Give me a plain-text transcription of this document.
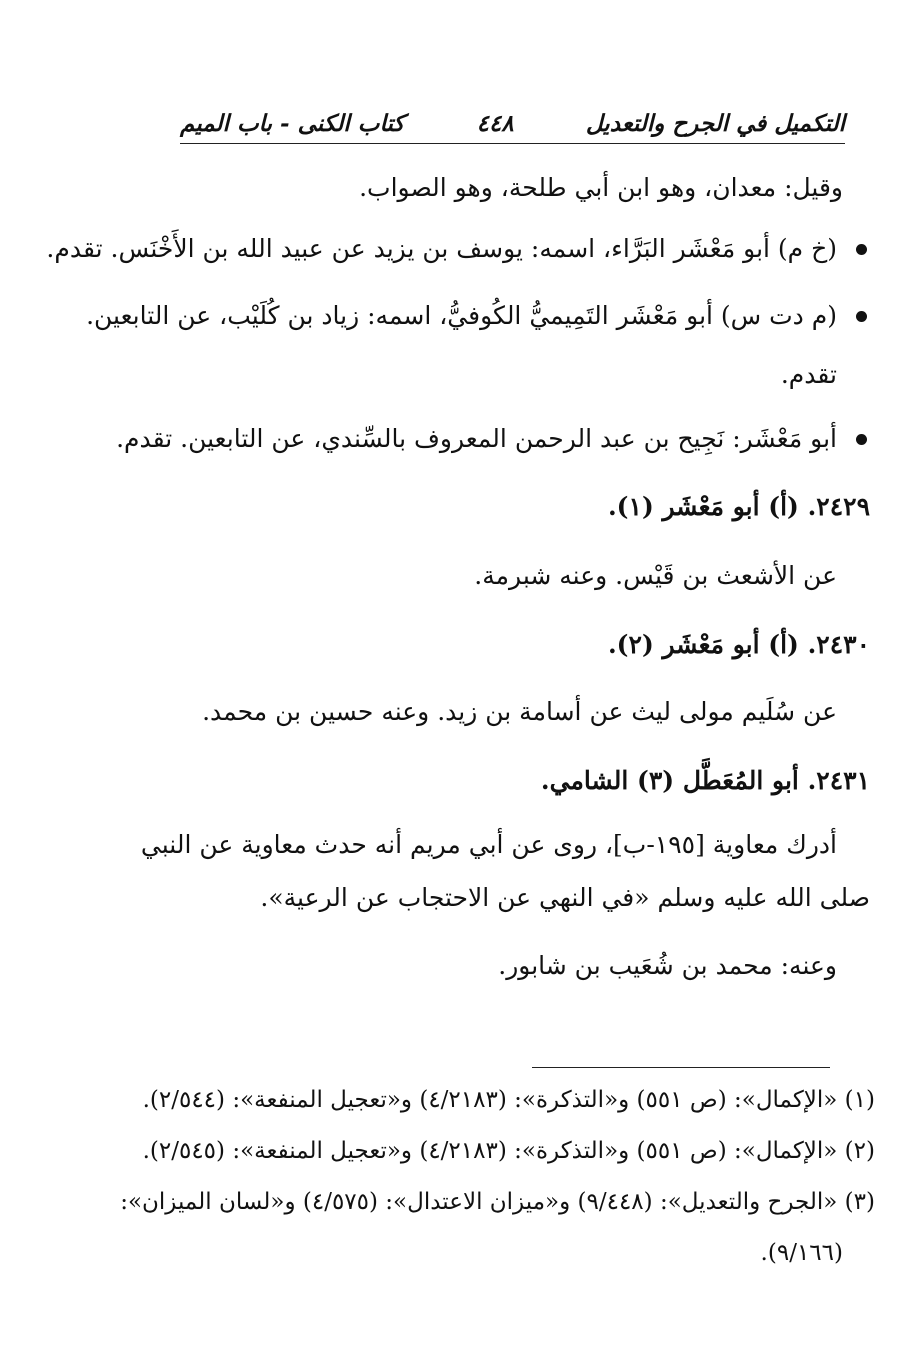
التكميل في الجرح والتعديل
٤٤٨
كتاب الكنى - باب الميم
وقيل: معدان، وهو ابن أبي طلحة، وهو الصواب.
(خ م) أبو مَعْشَر البَرَّاء، اسمه: يوسف بن يزيد عن عبيد الله بن الأَخْنَس. تقدم.
(م دت س) أبو مَعْشَر التَمِيميُّ الكُوفيُّ، اسمه: زياد بن كُلَيْب، عن التابعين.
تقدم.
أبو مَعْشَر: نَجِيح بن عبد الرحمن المعروف بالسِّندي، عن التابعين. تقدم.
٢٤٢٩. (أ) أبو مَعْشَر (١).
عن الأشعث بن قَيْس. وعنه شبرمة.
٢٤٣٠. (أ) أبو مَعْشَر (٢).
عن سُلَيم مولى ليث عن أسامة بن زيد. وعنه حسين بن محمد.
٢٤٣١. أبو المُعَطَّل (٣) الشامي.
أدرك معاوية [١٩٥-ب]، روى عن أبي مريم أنه حدث معاوية عن النبي
صلى الله عليه وسلم «في النهي عن الاحتجاب عن الرعية».
وعنه: محمد بن شُعَيب بن شابور.
(١) «الإكمال»: (ص ٥٥١) و«التذكرة»: (٤/٢١٨٣) و«تعجيل المنفعة»: (٢/٥٤٤).
(٢) «الإكمال»: (ص ٥٥١) و«التذكرة»: (٤/٢١٨٣) و«تعجيل المنفعة»: (٢/٥٤٥).
(٣) «الجرح والتعديل»: (٩/٤٤٨) و«ميزان الاعتدال»: (٤/٥٧٥) و«لسان الميزان»:
(٩/١٦٦).
